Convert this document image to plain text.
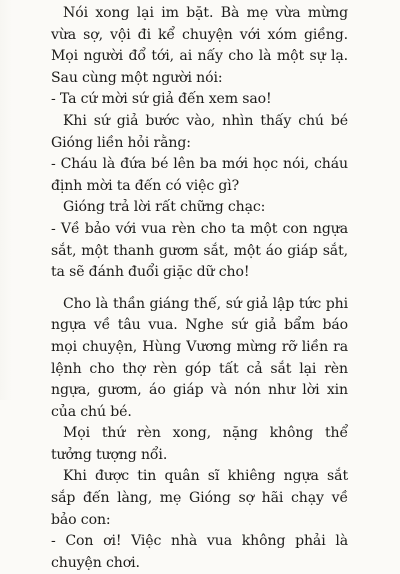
Nói xong lại im bặt. Bà mẹ vừa mừng vừa sợ, vội đi kể chuyện với xóm giềng. Mọi người đổ tới, ai nấy cho là một sự lạ. Sau cùng một người nói:

- Ta cứ mời sứ giả đến xem sao!

Khi sứ giả bước vào, nhìn thấy chú bé Gióng liền hỏi rằng:

- Cháu là đứa bé lên ba mới học nói, cháu định mời ta đến có việc gì?

Gióng trả lời rất chững chạc:

- Về bảo với vua rèn cho ta một con ngựa sắt, một thanh gươm sắt, một áo giáp sắt, ta sẽ đánh đuổi giặc dữ cho!

Cho là thần giáng thế, sứ giả lập tức phi ngựa về tâu vua. Nghe sứ giả bẩm báo mọi chuyện, Hùng Vương mừng rỡ liền ra lệnh cho thợ rèn góp tất cả sắt lại rèn ngựa, gươm, áo giáp và nón như lời xin của chú bé.

Mọi thứ rèn xong, nặng không thể tưởng tượng nổi.

Khi được tin quân sĩ khiêng ngựa sắt sắp đến làng, mẹ Gióng sợ hãi chạy về bảo con:

- Con ơi! Việc nhà vua không phải là chuyện chơi.
